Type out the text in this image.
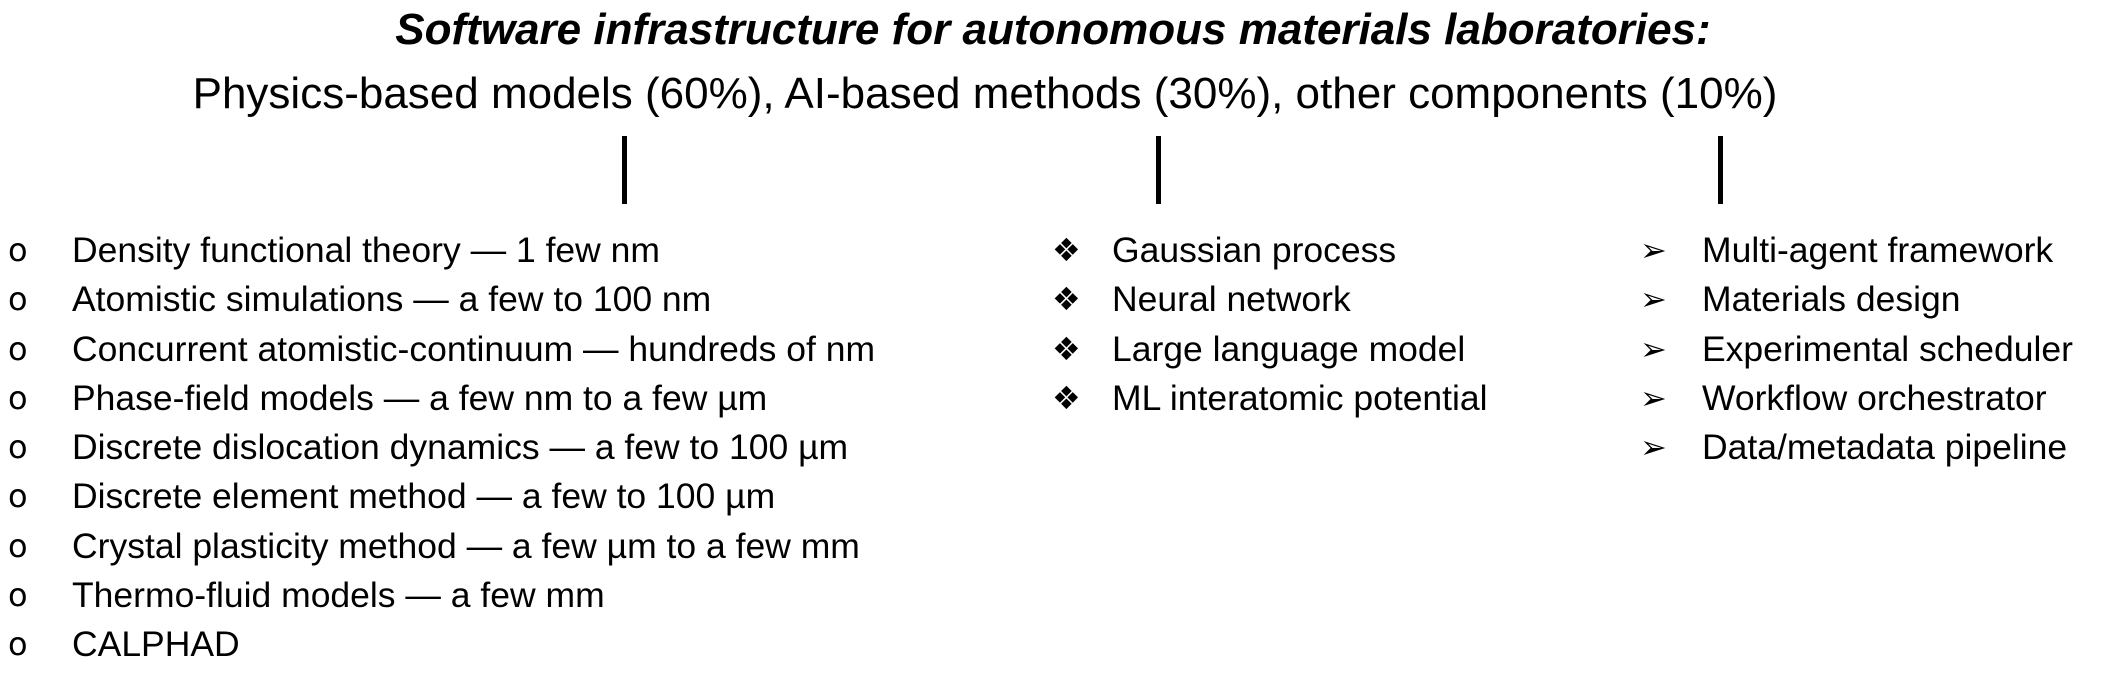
Software infrastructure for autonomous materials laboratories:
Physics-based models (60%), AI-based methods (30%), other components (10%)
o Density functional theory — 1 few nm
o Atomistic simulations — a few to 100 nm
o Concurrent atomistic-continuum — hundreds of nm
o Phase-field models — a few nm to a few µm
o Discrete dislocation dynamics — a few to 100 µm
o Discrete element method — a few to 100 µm
o Crystal plasticity method — a few µm to a few mm
o Thermo-fluid models — a few mm
o CALPHAD
❖ Gaussian process
❖ Neural network
❖ Large language model
❖ ML interatomic potential
➢ Multi-agent framework
➢ Materials design
➢ Experimental scheduler
➢ Workflow orchestrator
➢ Data/metadata pipeline
